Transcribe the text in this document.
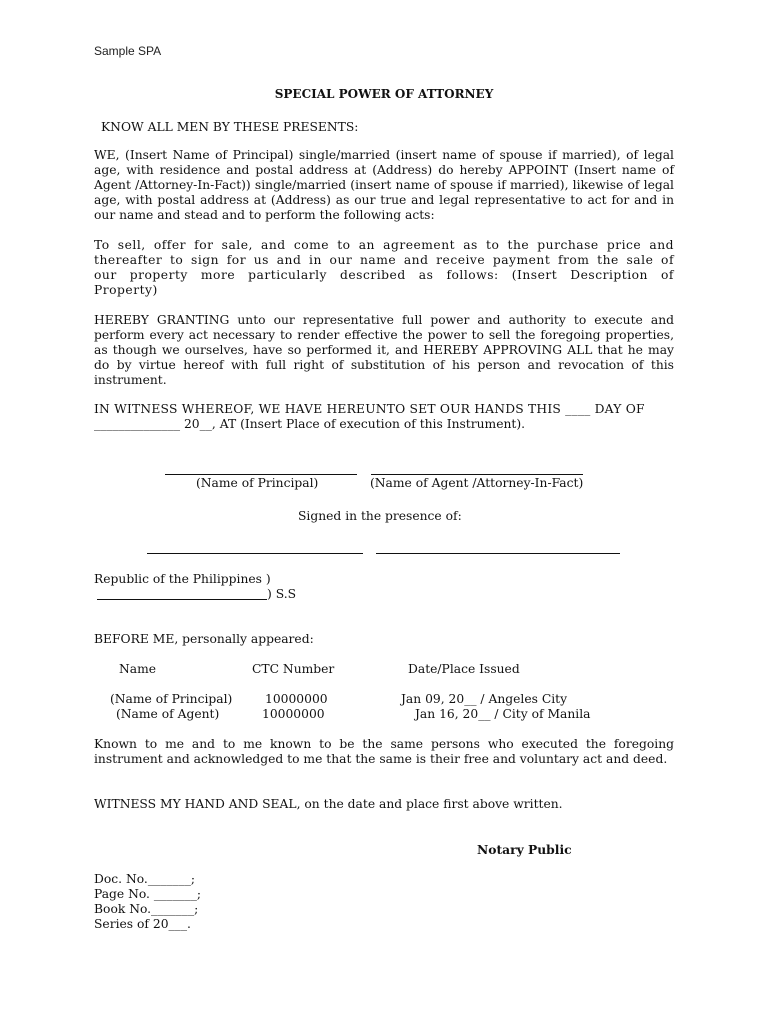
Sample SPA
SPECIAL POWER OF ATTORNEY
KNOW ALL MEN BY THESE PRESENTS:
WE, (Insert Name of Principal) single/married (insert name of spouse if married), of legal age, with residence and postal address at (Address) do hereby APPOINT (Insert name of Agent /Attorney-In-Fact)) single/married (insert name of spouse if married), likewise of legal age, with postal address at (Address) as our true and legal representative to act for and in our name and stead and to perform the following acts:
To sell, offer for sale, and come to an agreement as to the purchase price and thereafter to sign for us and in our name and receive payment from the sale of our property more particularly described as follows: (Insert Description of Property)
HEREBY GRANTING unto our representative full power and authority to execute and perform every act necessary to render effective the power to sell the foregoing properties, as though we ourselves, have so performed it, and HEREBY APPROVING ALL that he may do by virtue hereof with full right of substitution of his person and revocation of this instrument.
IN WITNESS WHEREOF, WE HAVE HEREUNTO SET OUR HANDS THIS ____ DAY OF
______________ 20__, AT (Insert Place of execution of this Instrument).
(Name of Principal)	(Name of Agent /Attorney-In-Fact)
Signed in the presence of:
Republic of the Philippines )
) S.S
BEFORE ME, personally appeared:
Name	CTC Number	Date/Place Issued
(Name of Principal)	10000000	Jan 09, 20__ / Angeles City
(Name of Agent)	10000000	Jan 16, 20__ / City of Manila
Known to me and to me known to be the same persons who executed the foregoing instrument and acknowledged to me that the same is their free and voluntary act and deed.
WITNESS MY HAND AND SEAL, on the date and place first above written.
Notary Public
Doc. No._______;
Page No. _______;
Book No._______;
Series of 20___.
